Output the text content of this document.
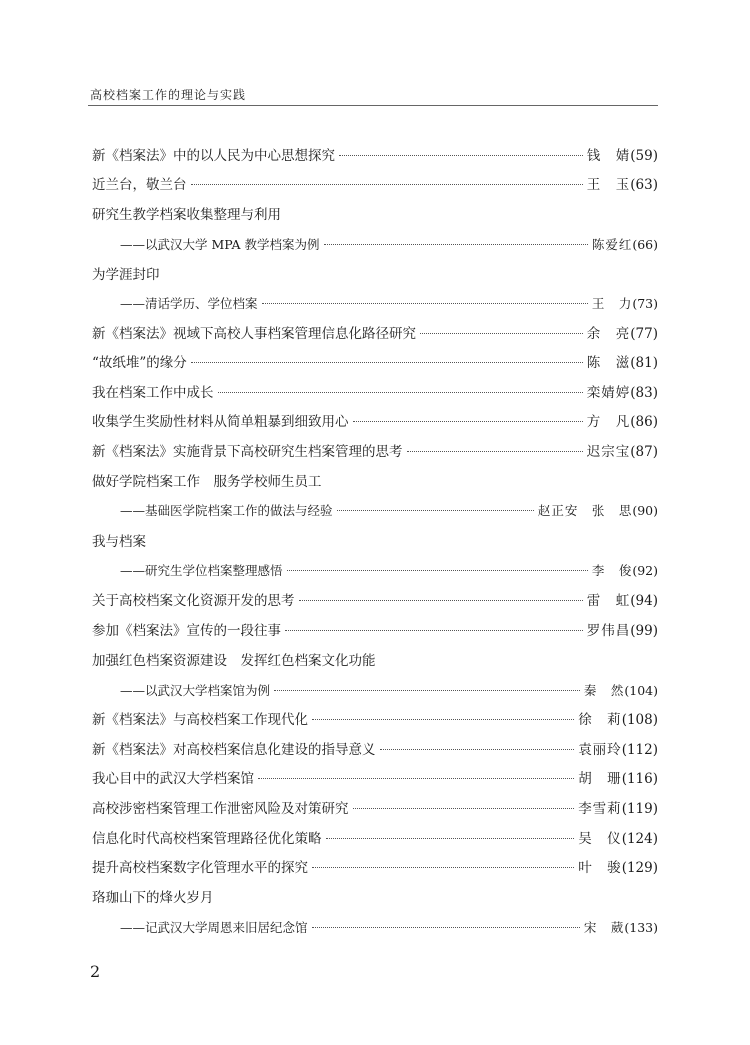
高校档案工作的理论与实践
新《档案法》中的以人民为中心思想探究	钱　婧 (59)
近兰台，敬兰台	王　玉 (63)
研究生教学档案收集整理与利用
——以武汉大学 MPA 教学档案为例	陈爱红 (66)
为学涯封印
——清话学历、学位档案	王　力 (73)
新《档案法》视域下高校人事档案管理信息化路径研究	余　亮 (77)
“故纸堆”的缘分	陈　滋 (81)
我在档案工作中成长	栾婧婷 (83)
收集学生奖励性材料从简单粗暴到细致用心	方　凡 (86)
新《档案法》实施背景下高校研究生档案管理的思考	迟宗宝 (87)
做好学院档案工作　服务学校师生员工
——基础医学院档案工作的做法与经验	赵正安　张　思 (90)
我与档案
——研究生学位档案整理感悟	李　俊 (92)
关于高校档案文化资源开发的思考	雷　虹 (94)
参加《档案法》宣传的一段往事	罗伟昌 (99)
加强红色档案资源建设　发挥红色档案文化功能
——以武汉大学档案馆为例	秦　然 (104)
新《档案法》与高校档案工作现代化	徐　莉 (108)
新《档案法》对高校档案信息化建设的指导意义	袁丽玲 (112)
我心目中的武汉大学档案馆	胡　珊 (116)
高校涉密档案管理工作泄密风险及对策研究	李雪莉 (119)
信息化时代高校档案管理路径优化策略	吴　仪 (124)
提升高校档案数字化管理水平的探究	叶　骏 (129)
珞珈山下的烽火岁月
——记武汉大学周恩来旧居纪念馆	宋　葳 (133)
2
